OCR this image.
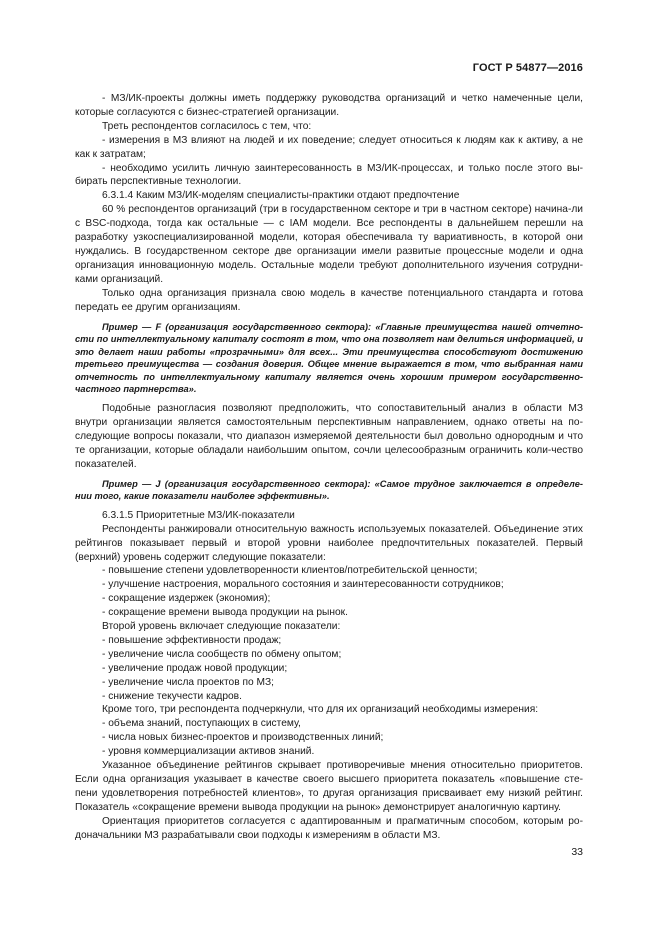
ГОСТ Р 54877—2016

- МЗ/ИК-проекты должны иметь поддержку руководства организаций и четко намеченные цели, которые согласуются с бизнес-стратегией организации.

Треть респондентов согласилось с тем, что:

- измерения в МЗ влияют на людей и их поведение; следует относиться к людям как к активу, а не как к затратам;

- необходимо усилить личную заинтересованность в МЗ/ИК-процессах, и только после этого вы-бирать перспективные технологии.

6.3.1.4 Каким МЗ/ИК-моделям специалисты-практики отдают предпочтение

60 % респондентов организаций (три в государственном секторе и три в частном секторе) начина-ли с BSC-подхода, тогда как остальные — с IAM модели. Все респонденты в дальнейшем перешли на разработку узкоспециализированной модели, которая обеспечивала ту вариативность, в которой они нуждались. В государственном секторе две организации имели развитые процессные модели и одна организация инновационную модель. Остальные модели требуют дополнительного изучения сотрудни-ками организаций.

Только одна организация признала свою модель в качестве потенциального стандарта и готова передать ее другим организациям.

Пример — F (организация государственного сектора): «Главные преимущества нашей отчетно-сти по интеллектуальному капиталу состоят в том, что она позволяет нам делиться информацией, и это делает наши работы «прозрачными» для всех... Эти преимущества способствуют достижению третьего преимущества — создания доверия. Общее мнение выражается в том, что выбранная нами отчетность по интеллектуальному капиталу является очень хорошим примером государственно-частного партнерства».

Подобные разногласия позволяют предположить, что сопоставительный анализ в области МЗ внутри организации является самостоятельным перспективным направлением, однако ответы на по-следующие вопросы показали, что диапазон измеряемой деятельности был довольно однородным и что те организации, которые обладали наибольшим опытом, сочли целесообразным ограничить коли-чество показателей.

Пример — J (организация государственного сектора): «Самое трудное заключается в определе-нии того, какие показатели наиболее эффективны».

6.3.1.5 Приоритетные МЗ/ИК-показатели

Респонденты ранжировали относительную важность используемых показателей. Объединение этих рейтингов показывает первый и второй уровни наиболее предпочтительных показателей. Первый (верхний) уровень содержит следующие показатели:

- повышение степени удовлетворенности клиентов/потребительской ценности;

- улучшение настроения, морального состояния и заинтересованности сотрудников;

- сокращение издержек (экономия);

- сокращение времени вывода продукции на рынок.

Второй уровень включает следующие показатели:

- повышение эффективности продаж;

- увеличение числа сообществ по обмену опытом;

- увеличение продаж новой продукции;

- увеличение числа проектов по МЗ;

- снижение текучести кадров.

Кроме того, три респондента подчеркнули, что для их организаций необходимы измерения:

- объема знаний, поступающих в систему,

- числа новых бизнес-проектов и производственных линий;

- уровня коммерциализации активов знаний.

Указанное объединение рейтингов скрывает противоречивые мнения относительно приоритетов. Если одна организация указывает в качестве своего высшего приоритета показатель «повышение сте-пени удовлетворения потребностей клиентов», то другая организация присваивает ему низкий рейтинг. Показатель «сокращение времени вывода продукции на рынок» демонстрирует аналогичную картину.

Ориентация приоритетов согласуется с адаптированным и прагматичным способом, которым ро-доначальники МЗ разрабатывали свои подходы к измерениям в области МЗ.

33
